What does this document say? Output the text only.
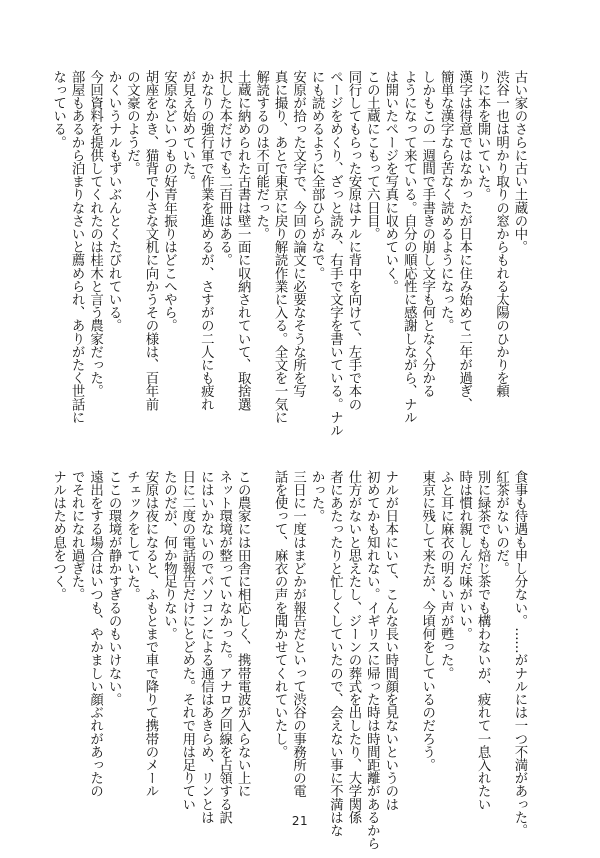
古い家のさらに古い土蔵の中。
渋谷一也は明かり取りの窓からもれる太陽のひかりを頼
りに本を開いていた。
漢字は得意ではなかったが日本に住み始めて二年が過ぎ、
簡単な漢字なら苦なく読めるようになった。
しかもこの一週間で手書きの崩し文字も何となく分かる
ようになって来ている。自分の順応性に感謝しながら、ナル
は開いたページを写真に収めていく。
この土蔵にこもって六日目。
同行してもらった安原はナルに背中を向けて、左手で本の
ページをめくり、ざっと読み、右手で文字を書いている。ナル
にも読めるように全部ひらがなで。
安原が拾った文字で、今回の論文に必要なそうな所を写
真に撮り、あとで東京に戻り解読作業に入る。全文を一気に
解読するのは不可能だった。
土蔵に納められた古書は壁一面に収納されていて、取捨選
択した本だけでも二百冊はある。
かなりの強行軍で作業を進めるが、さすがの二人にも疲れ
が見え始めていた。
安原などいつもの好青年振りはどこへやら。
胡座をかき、猫背で小さな文机に向かうその様は、百年前
の文豪のようだ。
かくいうナルもずいぶんとくたびれている。
今回資料を提供してくれたのは桂木と言う農家だった。
部屋もあるから泊まりなさいと薦められ、ありがたく世話に
なっている。
食事も待遇も申し分ない。……がナルには一つ不満があった。
紅茶がないのだ。
別に緑茶でも焙じ茶でも構わないが、疲れて一息入れたい
時は慣れ親しんだ味がいい。
ふと耳に麻衣の明るい声が甦った。
東京に残して来たが、今頃何をしているのだろう。

ナルが日本にいて、こんな長い時間顔を見ないというのは
初めてかも知れない。イギリスに帰った時は時間距離があるから
仕方がないと思えたし、ジーンの葬式を出したり、大学関係
者にあたったりと忙しくしていたので、会えない事に不満はな
かった。
三日に一度はまどかが報告だといって渋谷の事務所の電
話を使って、麻衣の声を聞かせてくれていたし。

この農家には田舎に相応しく、携帯電波が入らない上に
ネット環境が整っていなかった。アナログ回線を占領する訳
にはいかないのでパソコンによる通信はあきらめ、リンとは
日に二度の電話報告だけにとどめた。それで用は足りてい
たのだが、何か物足りない。
安原は夜になると、ふもとまで車で降りて携帯のメール
チェックをしていた。
ここの環境が静かすぎるのもいけない。
遠出をする場合はいつも、やかましい顔ぶれがあったの
でそれになれ過ぎた。
ナルはため息をつく。
21
